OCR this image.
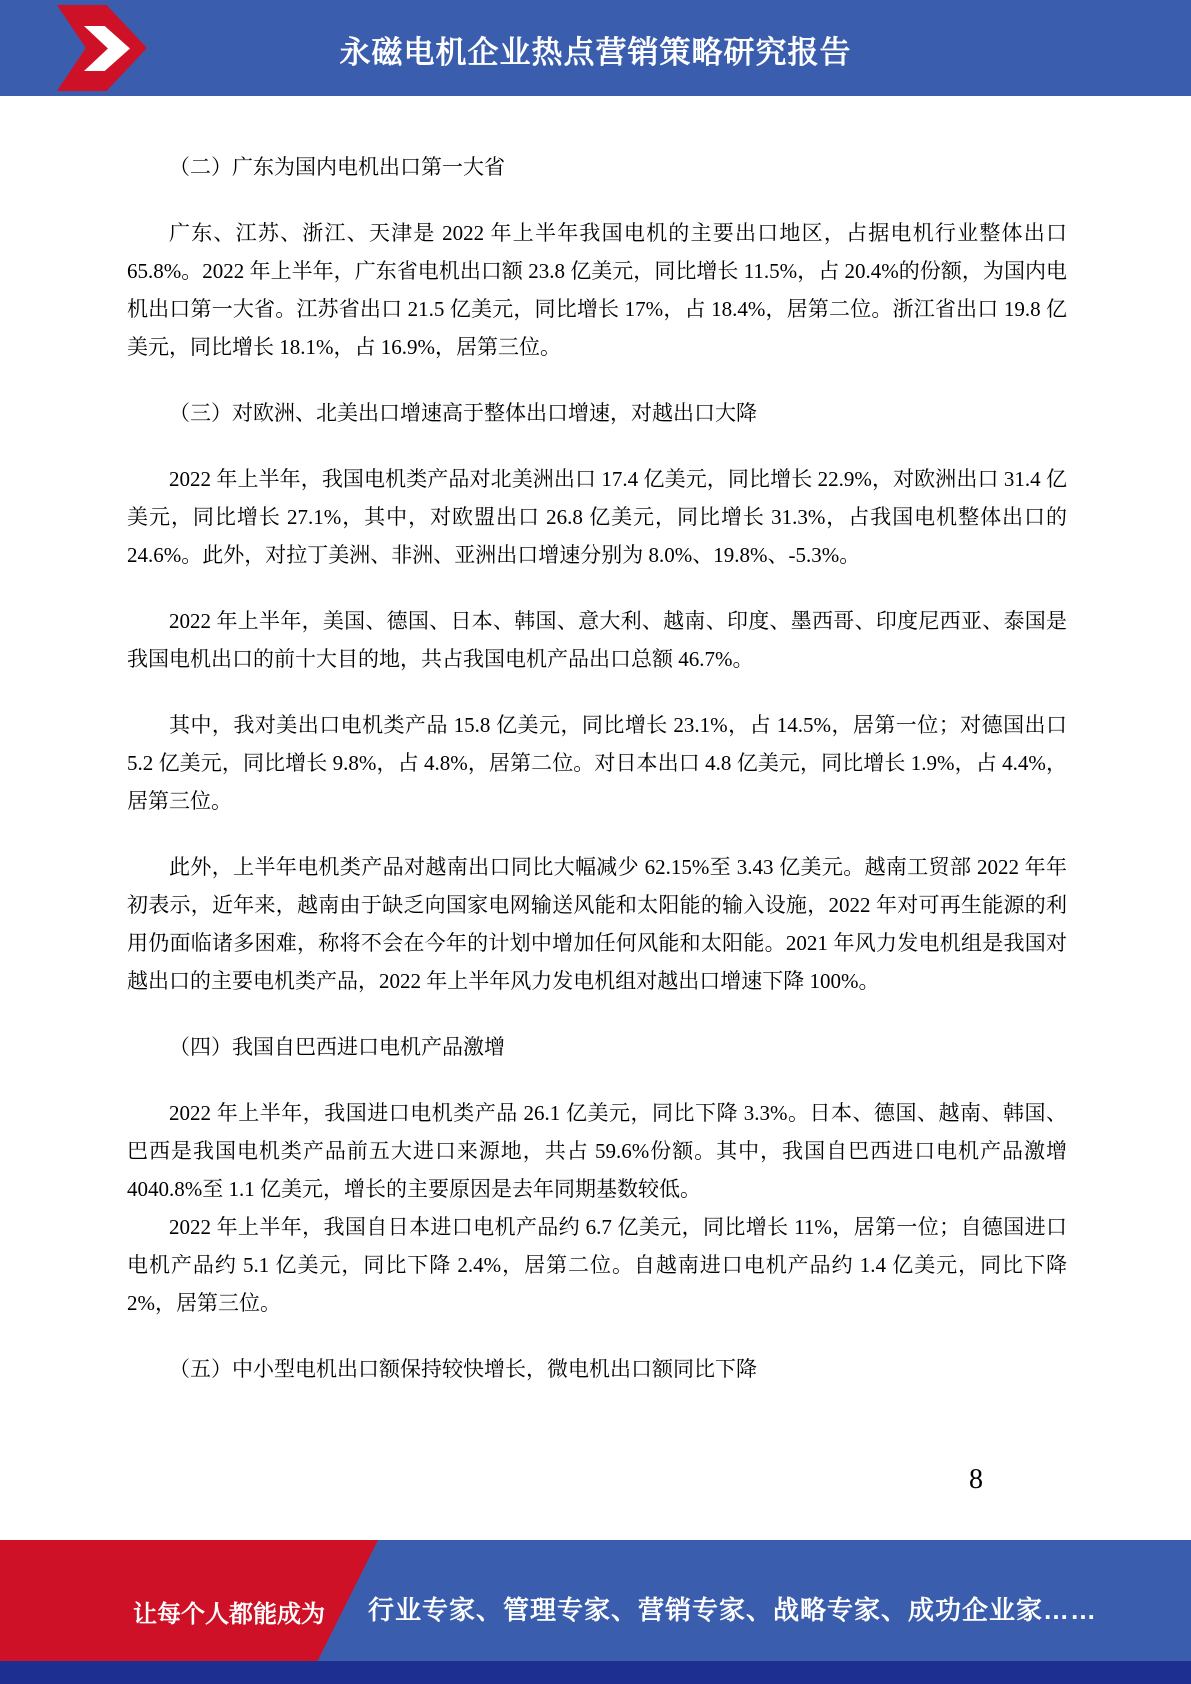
永磁电机企业热点营销策略研究报告
（二）广东为国内电机出口第一大省
广东、江苏、浙江、天津是 2022 年上半年我国电机的主要出口地区，占据电机行业整体出口 65.8%。2022 年上半年，广东省电机出口额 23.8 亿美元，同比增长 11.5%，占 20.4%的份额，为国内电机出口第一大省。江苏省出口 21.5 亿美元，同比增长 17%，占 18.4%，居第二位。浙江省出口 19.8 亿美元，同比增长 18.1%，占 16.9%，居第三位。
（三）对欧洲、北美出口增速高于整体出口增速，对越出口大降
2022 年上半年，我国电机类产品对北美洲出口 17.4 亿美元，同比增长 22.9%，对欧洲出口 31.4 亿美元，同比增长 27.1%，其中，对欧盟出口 26.8 亿美元，同比增长 31.3%，占我国电机整体出口的 24.6%。此外，对拉丁美洲、非洲、亚洲出口增速分别为 8.0%、19.8%、-5.3%。
2022 年上半年，美国、德国、日本、韩国、意大利、越南、印度、墨西哥、印度尼西亚、泰国是我国电机出口的前十大目的地，共占我国电机产品出口总额 46.7%。
其中，我对美出口电机类产品 15.8 亿美元，同比增长 23.1%，占 14.5%，居第一位；对德国出口 5.2 亿美元，同比增长 9.8%，占 4.8%，居第二位。对日本出口 4.8 亿美元，同比增长 1.9%，占 4.4%，居第三位。
此外，上半年电机类产品对越南出口同比大幅减少 62.15%至 3.43 亿美元。越南工贸部 2022 年年初表示，近年来，越南由于缺乏向国家电网输送风能和太阳能的输入设施，2022 年对可再生能源的利用仍面临诸多困难，称将不会在今年的计划中增加任何风能和太阳能。2021 年风力发电机组是我国对越出口的主要电机类产品，2022 年上半年风力发电机组对越出口增速下降 100%。
（四）我国自巴西进口电机产品激增
2022 年上半年，我国进口电机类产品 26.1 亿美元，同比下降 3.3%。日本、德国、越南、韩国、巴西是我国电机类产品前五大进口来源地，共占 59.6%份额。其中，我国自巴西进口电机产品激增 4040.8%至 1.1 亿美元，增长的主要原因是去年同期基数较低。
2022 年上半年，我国自日本进口电机产品约 6.7 亿美元，同比增长 11%，居第一位；自德国进口电机产品约 5.1 亿美元，同比下降 2.4%，居第二位。自越南进口电机产品约 1.4 亿美元，同比下降 2%，居第三位。
（五）中小型电机出口额保持较快增长，微电机出口额同比下降
8
让每个人都能成为 行业专家、管理专家、营销专家、战略专家、成功企业家……
